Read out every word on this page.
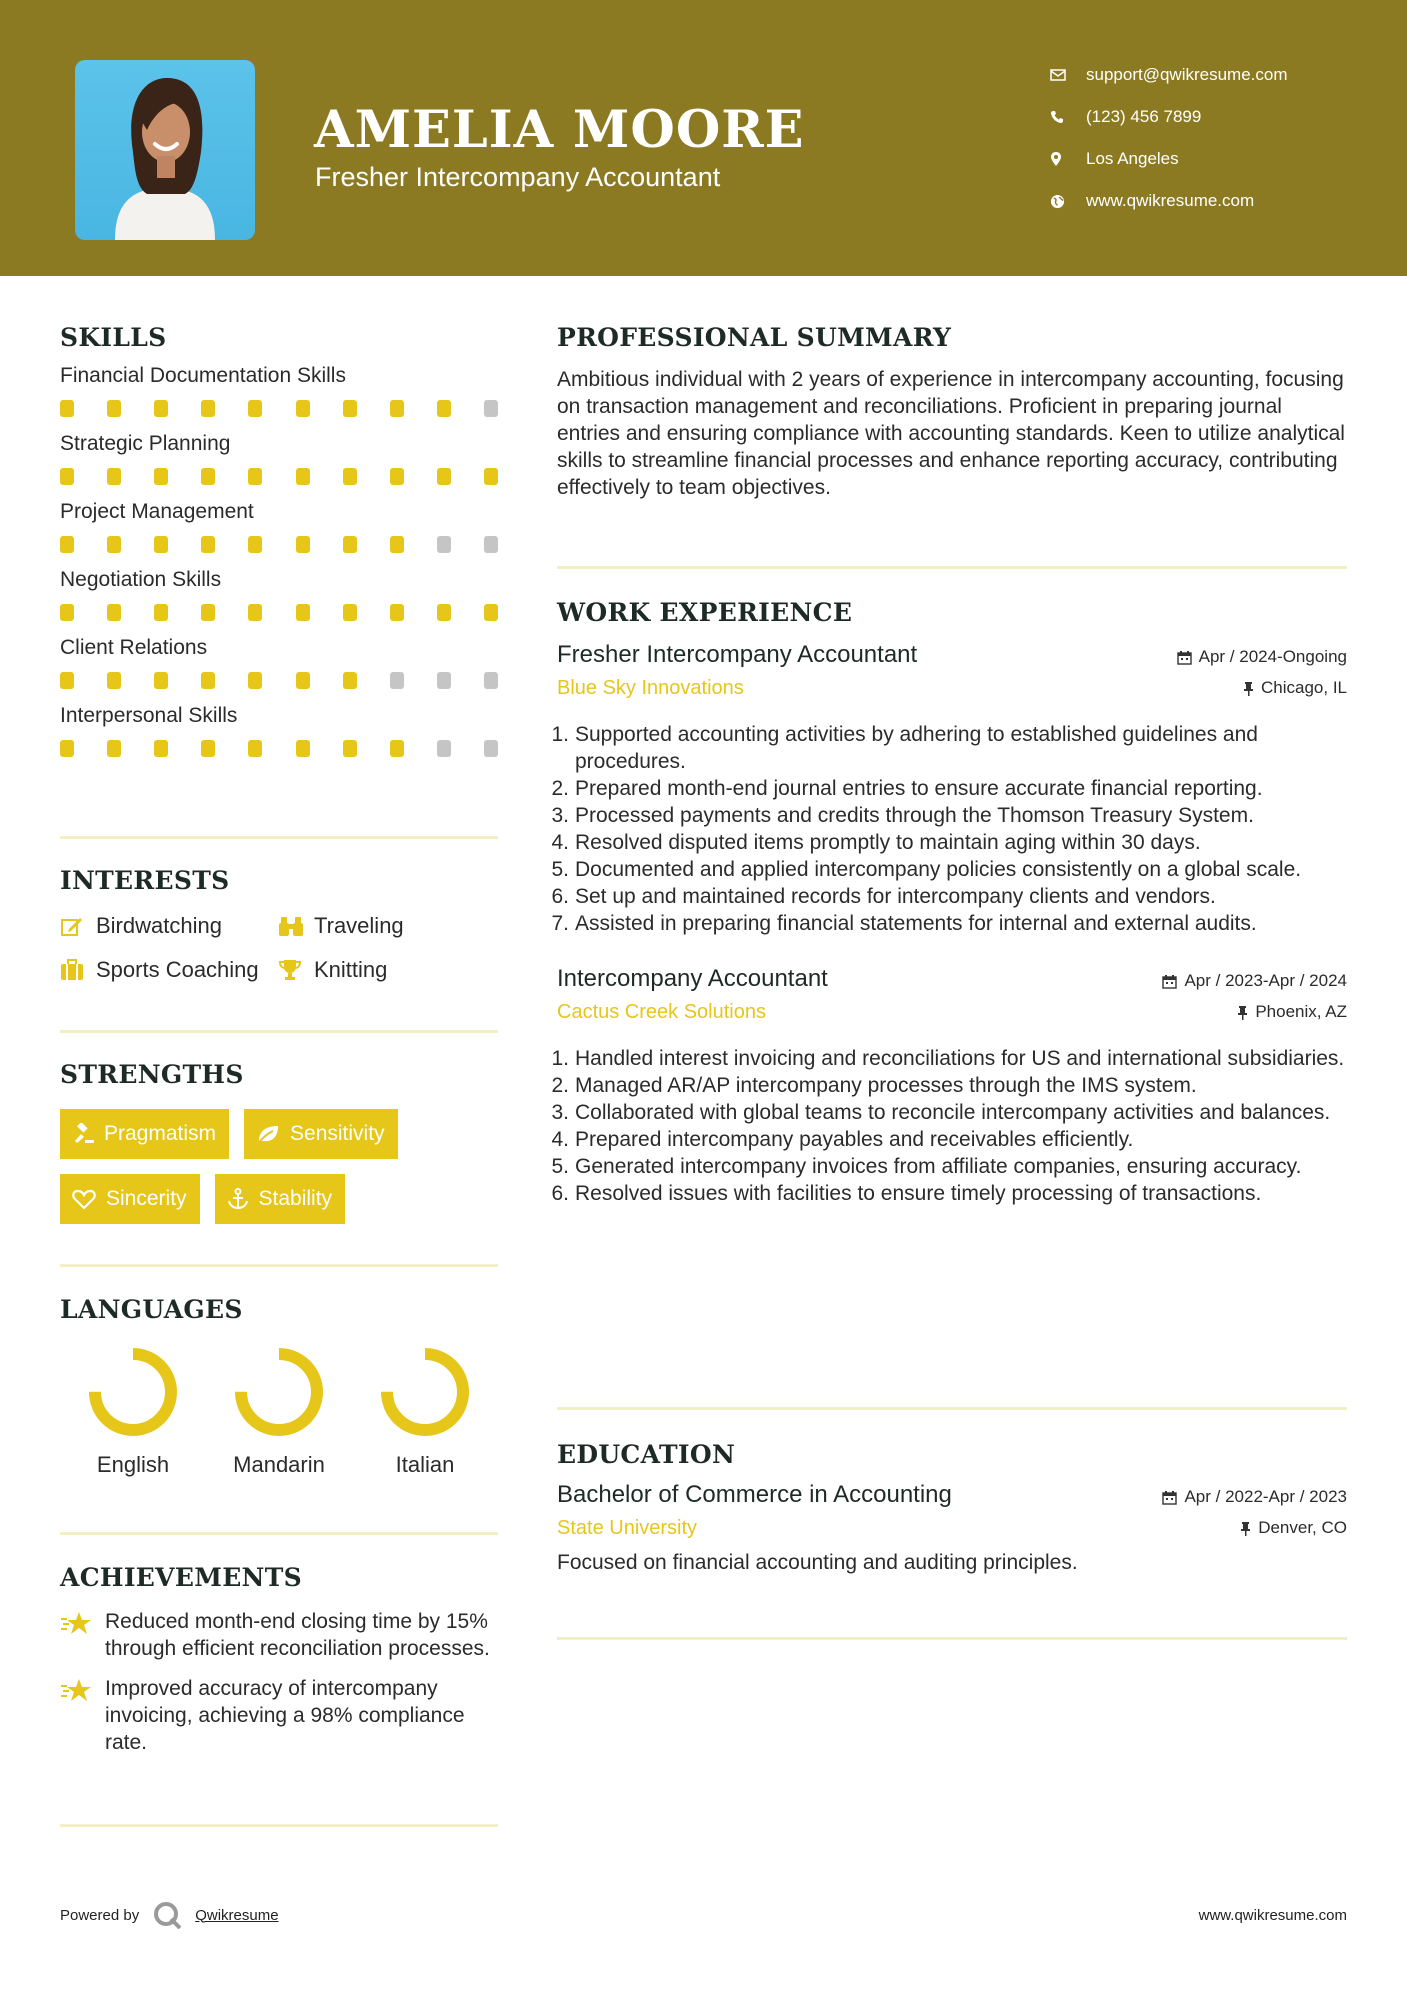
AMELIA MOORE
Fresher Intercompany Accountant
support@qwikresume.com
(123) 456 7899
Los Angeles
www.qwikresume.com
SKILLS
Financial Documentation Skills
Strategic Planning
Project Management
Negotiation Skills
Client Relations
Interpersonal Skills
INTERESTS
Birdwatching	Traveling
Sports Coaching	Knitting
STRENGTHS
Pragmatism	Sensitivity
Sincerity	Stability
LANGUAGES
English	Mandarin	Italian
ACHIEVEMENTS
Reduced month-end closing time by 15% through efficient reconciliation processes.
Improved accuracy of intercompany invoicing, achieving a 98% compliance rate.
PROFESSIONAL SUMMARY
Ambitious individual with 2 years of experience in intercompany accounting, focusing on transaction management and reconciliations. Proficient in preparing journal entries and ensuring compliance with accounting standards. Keen to utilize analytical skills to streamline financial processes and enhance reporting accuracy, contributing effectively to team objectives.
WORK EXPERIENCE
Fresher Intercompany Accountant
Blue Sky Innovations
Apr / 2024-Ongoing
Chicago, IL
1. Supported accounting activities by adhering to established guidelines and procedures.
2. Prepared month-end journal entries to ensure accurate financial reporting.
3. Processed payments and credits through the Thomson Treasury System.
4. Resolved disputed items promptly to maintain aging within 30 days.
5. Documented and applied intercompany policies consistently on a global scale.
6. Set up and maintained records for intercompany clients and vendors.
7. Assisted in preparing financial statements for internal and external audits.
Intercompany Accountant
Cactus Creek Solutions
Apr / 2023-Apr / 2024
Phoenix, AZ
1. Handled interest invoicing and reconciliations for US and international subsidiaries.
2. Managed AR/AP intercompany processes through the IMS system.
3. Collaborated with global teams to reconcile intercompany activities and balances.
4. Prepared intercompany payables and receivables efficiently.
5. Generated intercompany invoices from affiliate companies, ensuring accuracy.
6. Resolved issues with facilities to ensure timely processing of transactions.
EDUCATION
Bachelor of Commerce in Accounting
State University
Apr / 2022-Apr / 2023
Denver, CO
Focused on financial accounting and auditing principles.
Powered by	Qwikresume	www.qwikresume.com
